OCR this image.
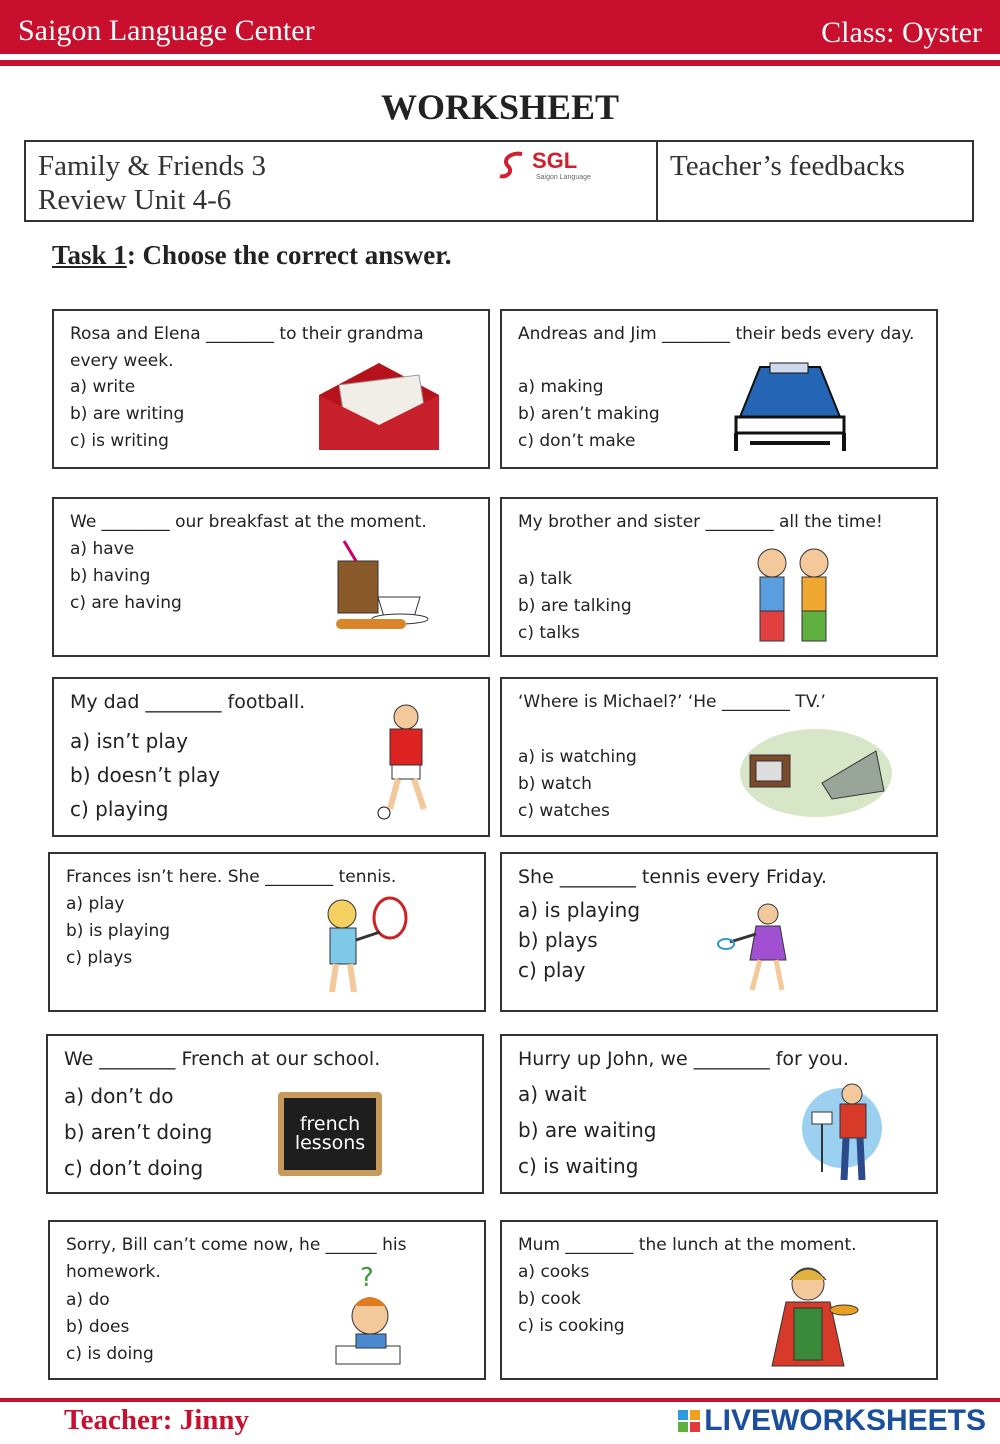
Saigon Language Center	Class: Oyster
WORKSHEET
Family & Friends 3
Review Unit 4-6
SGL
Saigon Language	Teacher’s feedbacks
Task 1: Choose the correct answer.
Rosa and Elena ________ to their grandma every week.
a) write
b) are writing
c) is writing
Andreas and Jim ________ their beds every day.
a) making
b) aren’t making
c) don’t make
We ________ our breakfast at the moment.
a) have
b) having
c) are having
My brother and sister ________ all the time!
a) talk
b) are talking
c) talks
My dad ________ football.
a) isn’t play
b) doesn’t play
c) playing
‘Where is Michael?’ ‘He ________ TV.’
a) is watching
b) watch
c) watches
Frances isn’t here. She ________ tennis.
a) play
b) is playing
c) plays
She ________ tennis every Friday.
a) is playing
b) plays
c) play
We ________ French at our school.
a) don’t do
b) aren’t doing
c) don’t doing
french lessons
Hurry up John, we ________ for you.
a) wait
b) are waiting
c) is waiting
Sorry, Bill can’t come now, he ______ his homework.
a) do
b) does
c) is doing
?
Mum ________ the lunch at the moment.
a) cooks
b) cook
c) is cooking
Teacher: Jinny	LIVEWORKSHEETS
